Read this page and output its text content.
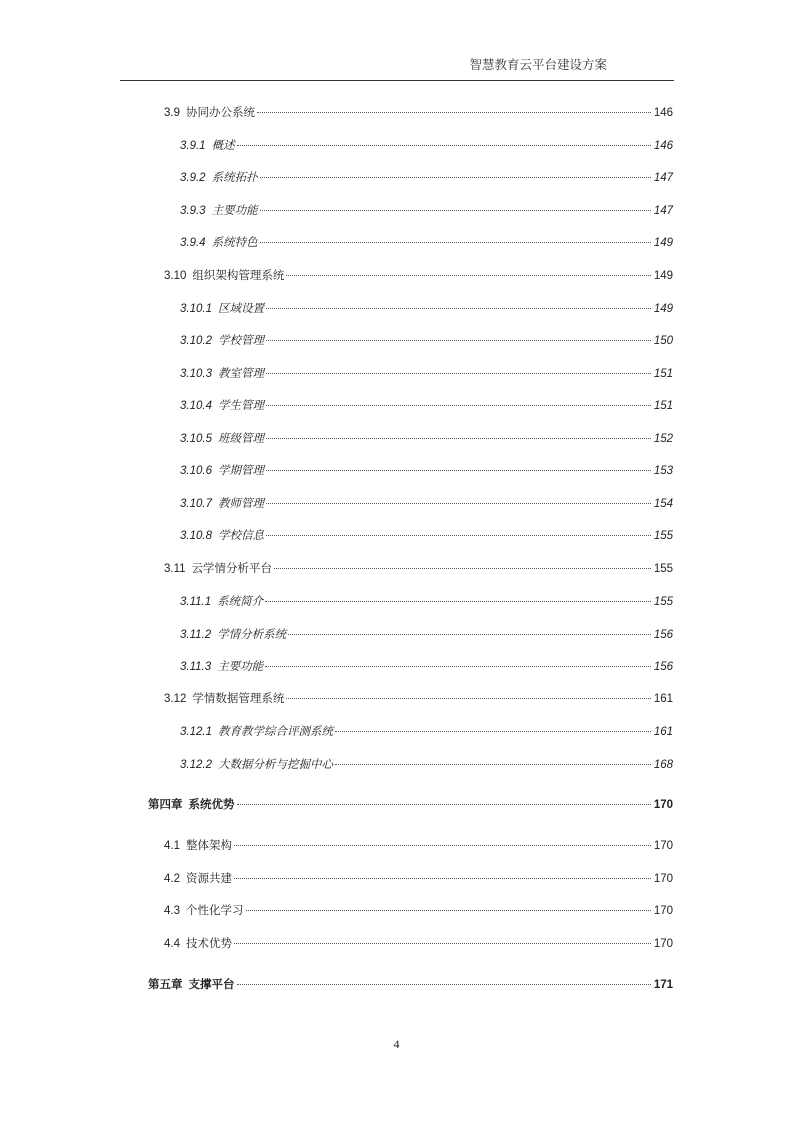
智慧教育云平台建设方案
3.9 协同办公系统	146
3.9.1 概述	146
3.9.2 系统拓扑	147
3.9.3 主要功能	147
3.9.4 系统特色	149
3.10 组织架构管理系统	149
3.10.1 区域设置	149
3.10.2 学校管理	150
3.10.3 教室管理	151
3.10.4 学生管理	151
3.10.5 班级管理	152
3.10.6 学期管理	153
3.10.7 教师管理	154
3.10.8 学校信息	155
3.11 云学情分析平台	155
3.11.1 系统简介	155
3.11.2 学情分析系统	156
3.11.3 主要功能	156
3.12 学情数据管理系统	161
3.12.1 教育教学综合评测系统	161
3.12.2 大数据分析与挖掘中心	168
第四章 系统优势	170
4.1 整体架构	170
4.2 资源共建	170
4.3 个性化学习	170
4.4 技术优势	170
第五章 支撑平台	171
4
